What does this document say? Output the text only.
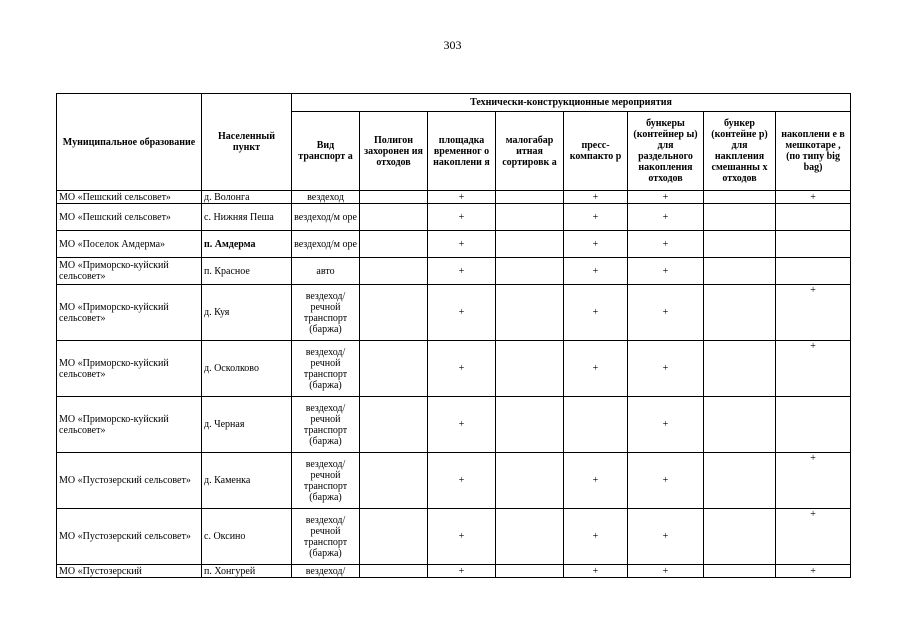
303
Муниципальное образование	Населенный пункт	Технически-конструкционные мероприятия							
		Вид транспорт а	Полигон захоронен ия отходов	площадка временног о накоплени я	малогабар итная сортировк а	пресс-компакто р	бункеры (контейнер ы) для раздельного накопления отходов	бункер (контейне р) для накпления смешанны х отходов	накоплени е в мешкотаре , (по типу big bag)
МО «Пешский сельсовет»	д. Волонга	вездеход		+		+	+		+
МО «Пешский сельсовет»	с. Нижняя Пеша	вездеход/м оре		+		+	+		
МО «Поселок Амдерма»	п. Амдерма	вездеход/м оре		+		+	+		
МО «Приморско-куйский сельсовет»	п. Красное	авто		+		+	+		
МО «Приморско-куйский сельсовет»	д. Куя	вездеход/ речной транспорт (баржа)		+		+	+		+
МО «Приморско-куйский сельсовет»	д. Осколково	вездеход/ речной транспорт (баржа)		+		+	+		+
МО «Приморско-куйский сельсовет»	д. Черная	вездеход/ речной транспорт (баржа)		+			+		
МО «Пустозерский сельсовет»	д. Каменка	вездеход/ речной транспорт (баржа)		+		+	+		+
МО «Пустозерский сельсовет»	с. Оксино	вездеход/ речной транспорт (баржа)		+		+	+		+
МО «Пустозерский	п. Хонгурей	вездеход/		+		+	+		+
